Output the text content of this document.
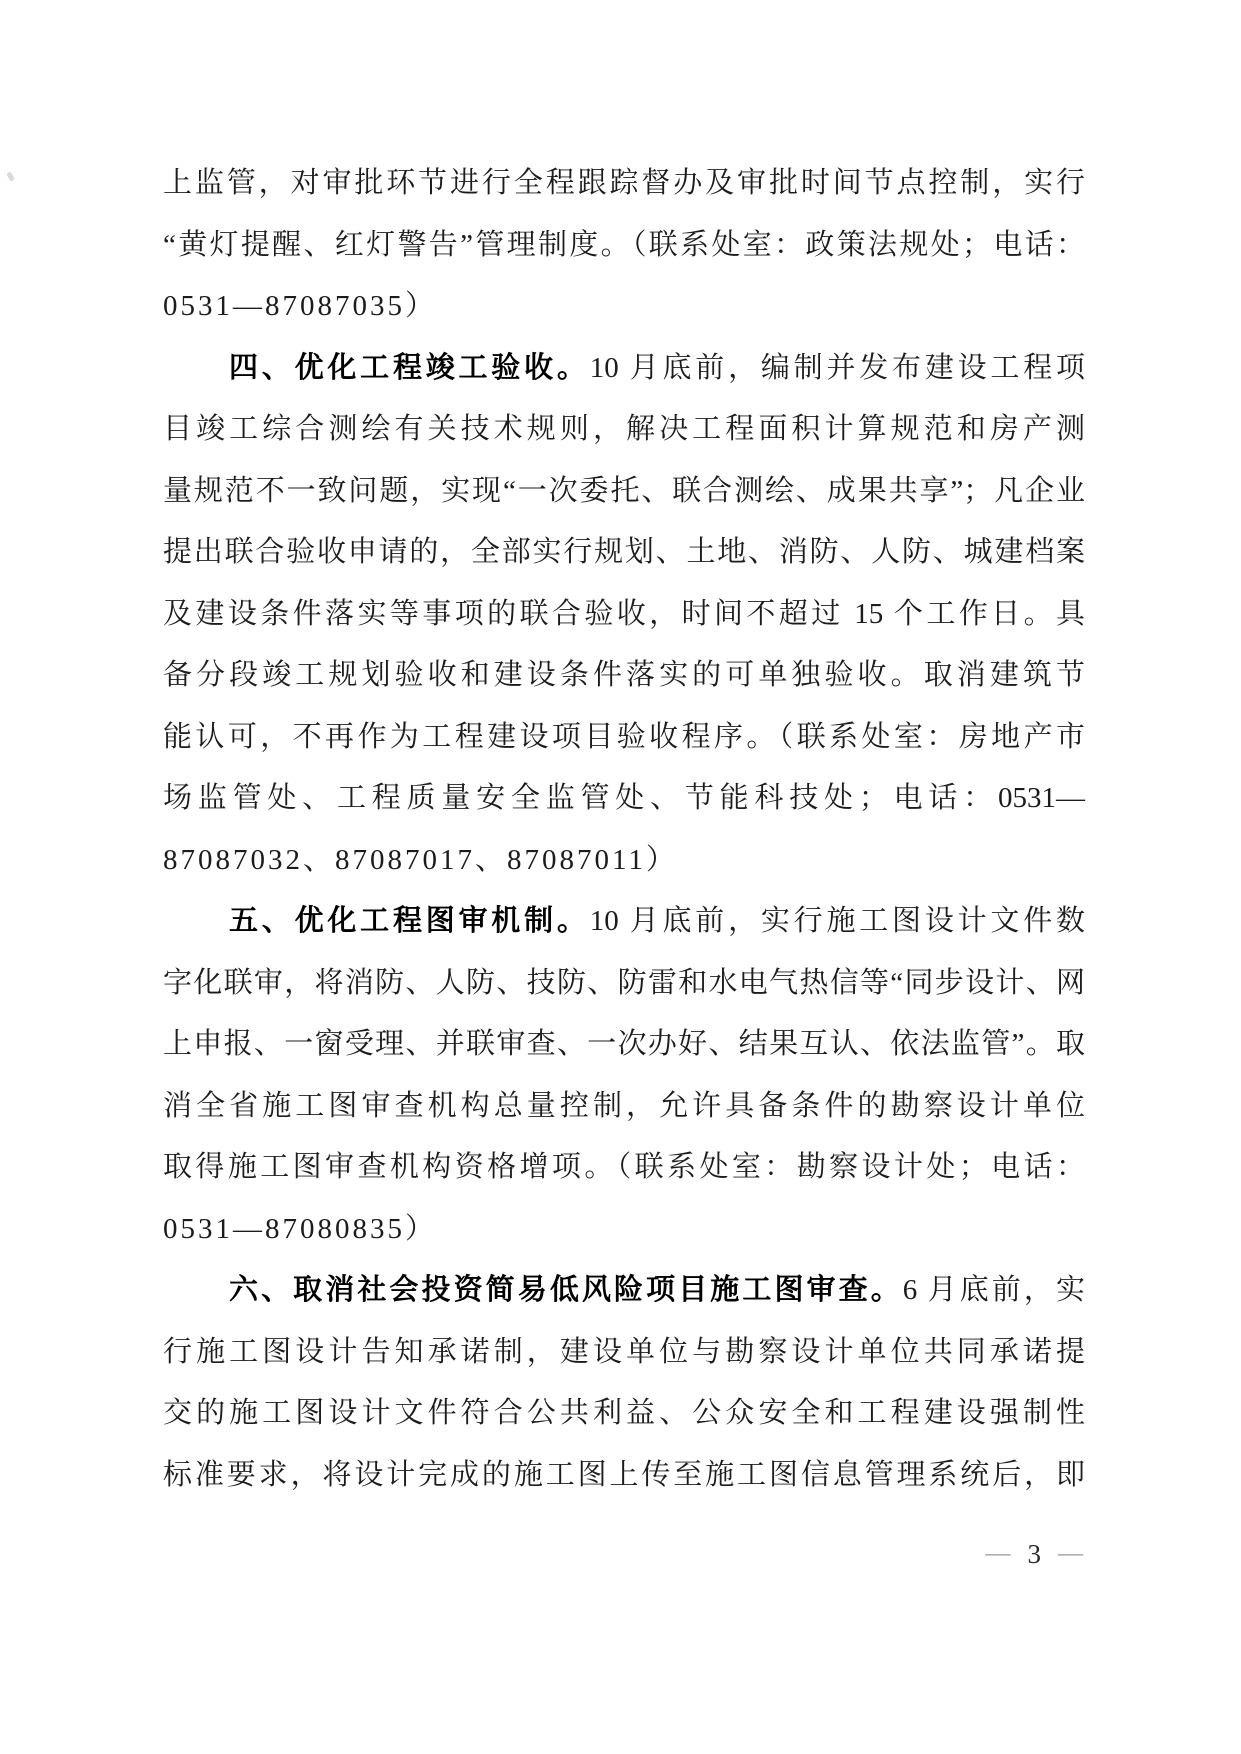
上监管，对审批环节进行全程跟踪督办及审批时间节点控制，实行
“黄灯提醒、红灯警告”管理制度。（联系处室：政策法规处；电话：
0531—87087035）
四、优化工程竣工验收。10 月底前，编制并发布建设工程项
目竣工综合测绘有关技术规则，解决工程面积计算规范和房产测
量规范不一致问题，实现“一次委托、联合测绘、成果共享”；凡企业
提出联合验收申请的，全部实行规划、土地、消防、人防、城建档案
及建设条件落实等事项的联合验收，时间不超过 15 个工作日。具
备分段竣工规划验收和建设条件落实的可单独验收。取消建筑节
能认可，不再作为工程建设项目验收程序。（联系处室：房地产市
场监管处、工程质量安全监管处、节能科技处；电话：0531—
87087032、87087017、87087011）
五、优化工程图审机制。10 月底前，实行施工图设计文件数
字化联审，将消防、人防、技防、防雷和水电气热信等“同步设计、网
上申报、一窗受理、并联审查、一次办好、结果互认、依法监管”。取
消全省施工图审查机构总量控制，允许具备条件的勘察设计单位
取得施工图审查机构资格增项。（联系处室：勘察设计处；电话：
0531—87080835）
六、取消社会投资简易低风险项目施工图审查。6 月底前，实
行施工图设计告知承诺制，建设单位与勘察设计单位共同承诺提
交的施工图设计文件符合公共利益、公众安全和工程建设强制性
标准要求，将设计完成的施工图上传至施工图信息管理系统后，即
— 3 —
